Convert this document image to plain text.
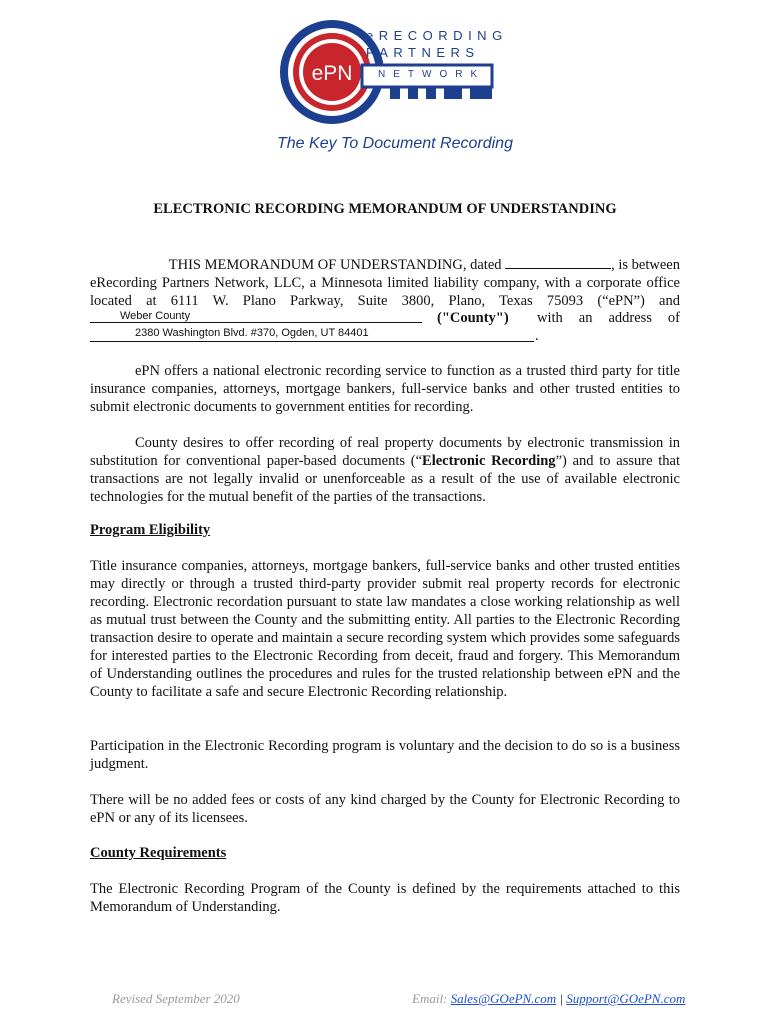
ePN
eRECORDING
PARTNERS
NETWORK
The Key To Document Recording
ELECTRONIC RECORDING MEMORANDUM OF UNDERSTANDING
THIS MEMORANDUM OF UNDERSTANDING, dated	, is between
eRecording Partners Network, LLC, a Minnesota limited liability company, with a corporate office
located at 6111 W. Plano Parkway, Suite 3800, Plano, Texas 75093 (“ePN”) and
Weber County	("County") with an address of
2380 Washington Blvd. #370, Ogden, UT 84401	.
ePN offers a national electronic recording service to function as a trusted third party for title insurance companies, attorneys, mortgage bankers, full-service banks and other trusted entities to submit electronic documents to government entities for recording.
County desires to offer recording of real property documents by electronic transmission in substitution for conventional paper-based documents (“Electronic Recording”) and to assure that transactions are not legally invalid or unenforceable as a result of the use of available electronic technologies for the mutual benefit of the parties of the transactions.
Program Eligibility
Title insurance companies, attorneys, mortgage bankers, full-service banks and other trusted entities may directly or through a trusted third-party provider submit real property records for electronic recording. Electronic recordation pursuant to state law mandates a close working relationship as well as mutual trust between the County and the submitting entity. All parties to the Electronic Recording transaction desire to operate and maintain a secure recording system which provides some safeguards for interested parties to the Electronic Recording from deceit, fraud and forgery. This Memorandum of Understanding outlines the procedures and rules for the trusted relationship between ePN and the County to facilitate a safe and secure Electronic Recording relationship.
Participation in the Electronic Recording program is voluntary and the decision to do so is a business judgment.
There will be no added fees or costs of any kind charged by the County for Electronic Recording to ePN or any of its licensees.
County Requirements
The Electronic Recording Program of the County is defined by the requirements attached to this Memorandum of Understanding.
Revised September 2020	Email: Sales@GOePN.com | Support@GOePN.com
